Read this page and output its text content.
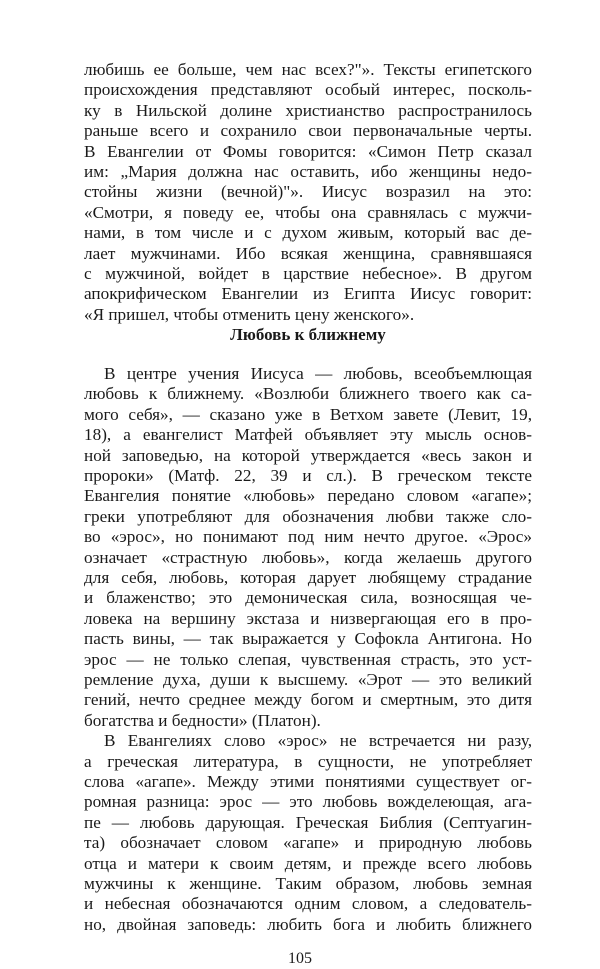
любишь ее больше, чем нас всех?"». Тексты египетского
происхождения представляют особый интерес, посколь-
ку в Нильской долине христианство распространилось
раньше всего и сохранило свои первоначальные черты.
В Евангелии от Фомы говорится: «Симон Петр сказал
им: „Мария должна нас оставить, ибо женщины недо-
стойны жизни (вечной)"». Иисус возразил на это:
«Смотри, я поведу ее, чтобы она сравнялась с мужчи-
нами, в том числе и с духом живым, который вас де-
лает мужчинами. Ибо всякая женщина, сравнявшаяся
с мужчиной, войдет в царствие небесное». В другом
апокрифическом Евангелии из Египта Иисус говорит:
«Я пришел, чтобы отменить цену женского».
Любовь к ближнему
В центре учения Иисуса — любовь, всеобъемлющая
любовь к ближнему. «Возлюби ближнего твоего как са-
мого себя», — сказано уже в Ветхом завете (Левит, 19,
18), а евангелист Матфей объявляет эту мысль основ-
ной заповедью, на которой утверждается «весь закон и
пророки» (Матф. 22, 39 и сл.). В греческом тексте
Евангелия понятие «любовь» передано словом «агапе»;
греки употребляют для обозначения любви также сло-
во «эрос», но понимают под ним нечто другое. «Эрос»
означает «страстную любовь», когда желаешь другого
для себя, любовь, которая дарует любящему страдание
и блаженство; это демоническая сила, возносящая че-
ловека на вершину экстаза и низвергающая его в про-
пасть вины, — так выражается у Софокла Антигона. Но
эрос — не только слепая, чувственная страсть, это уст-
ремление духа, души к высшему. «Эрот — это великий
гений, нечто среднее между богом и смертным, это дитя
богатства и бедности» (Платон).
В Евангелиях слово «эрос» не встречается ни разу,
а греческая литература, в сущности, не употребляет
слова «агапе». Между этими понятиями существует ог-
ромная разница: эрос — это любовь вожделеющая, ага-
пе — любовь дарующая. Греческая Библия (Септуагин-
та) обозначает словом «агапе» и природную любовь
отца и матери к своим детям, и прежде всего любовь
мужчины к женщине. Таким образом, любовь земная
и небесная обозначаются одним словом, а следователь-
но, двойная заповедь: любить бога и любить ближнего
105
